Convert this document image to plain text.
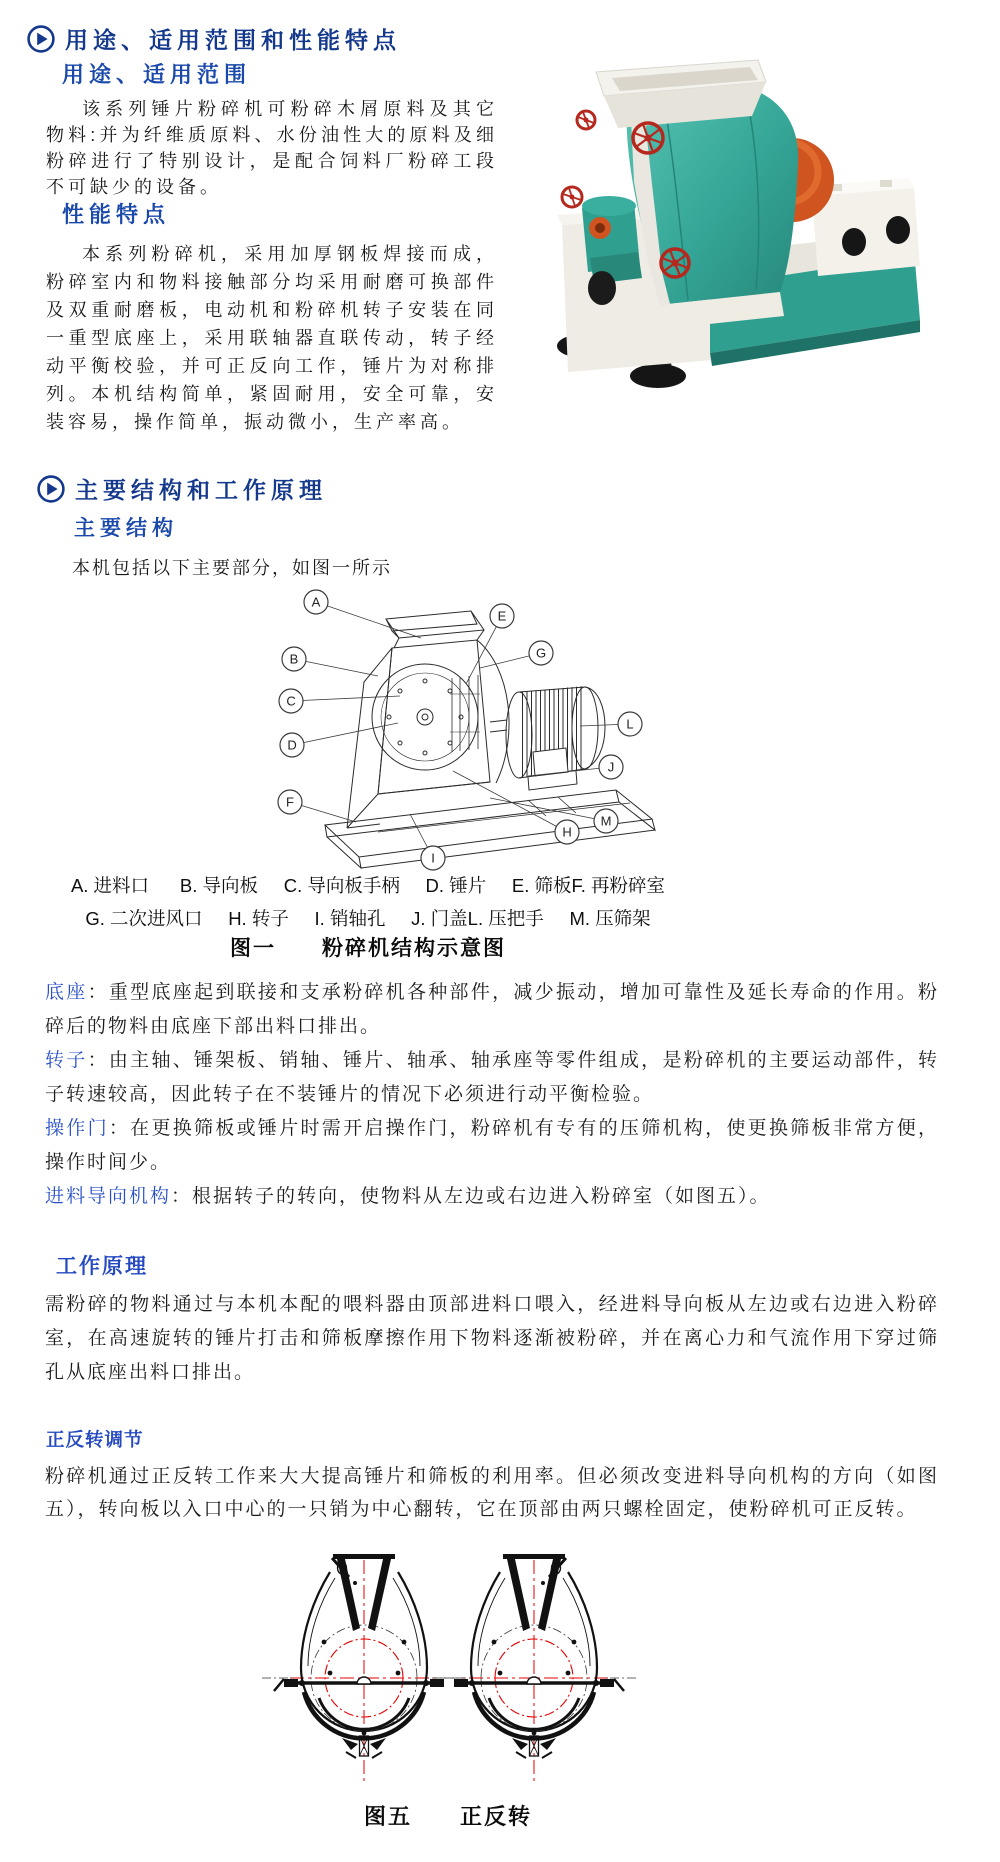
用途、适用范围和性能特点
用途、适用范围

该系列锤片粉碎机可粉碎木屑原料及其它物料:并为纤维质原料、水份油性大的原料及细粉碎进行了特别设计，是配合饲料厂粉碎工段不可缺少的设备。

性能特点

本系列粉碎机，采用加厚钢板焊接而成，粉碎室内和物料接触部分均采用耐磨可换部件及双重耐磨板，电动机和粉碎机转子安装在同一重型底座上，采用联轴器直联传动，转子经动平衡校验，并可正反向工作，锤片为对称排列。本机结构简单，紧固耐用，安全可靠，安装容易，操作简单，振动微小，生产率高。

主要结构和工作原理
主要结构
本机包括以下主要部分，如图一所示
A
B
C
D
E
F
G
H
I
J
L
M
A. 进料口      B. 导向板     C. 导向板手柄     D. 锤片     E. 筛板F. 再粉碎室
G. 二次进风口     H. 转子     I. 销轴孔     J. 门盖L. 压把手     M. 压筛架
图一　　粉碎机结构示意图

底座：重型底座起到联接和支承粉碎机各种部件，减少振动，增加可靠性及延长寿命的作用。粉碎后的物料由底座下部出料口排出。

转子：由主轴、锤架板、销轴、锤片、轴承、轴承座等零件组成，是粉碎机的主要运动部件，转子转速较高，因此转子在不装锤片的情况下必须进行动平衡检验。

操作门：在更换筛板或锤片时需开启操作门，粉碎机有专有的压筛机构，使更换筛板非常方便，操作时间少。

进料导向机构：根据转子的转向，使物料从左边或右边进入粉碎室（如图五）。

工作原理

需粉碎的物料通过与本机本配的喂料器由顶部进料口喂入，经进料导向板从左边或右边进入粉碎室，在高速旋转的锤片打击和筛板摩擦作用下物料逐渐被粉碎，并在离心力和气流作用下穿过筛孔从底座出料口排出。

正反转调节

粉碎机通过正反转工作来大大提高锤片和筛板的利用率。但必须改变进料导向机构的方向（如图五），转向板以入口中心的一只销为中心翻转，它在顶部由两只螺栓固定，使粉碎机可正反转。

图五　　正反转
